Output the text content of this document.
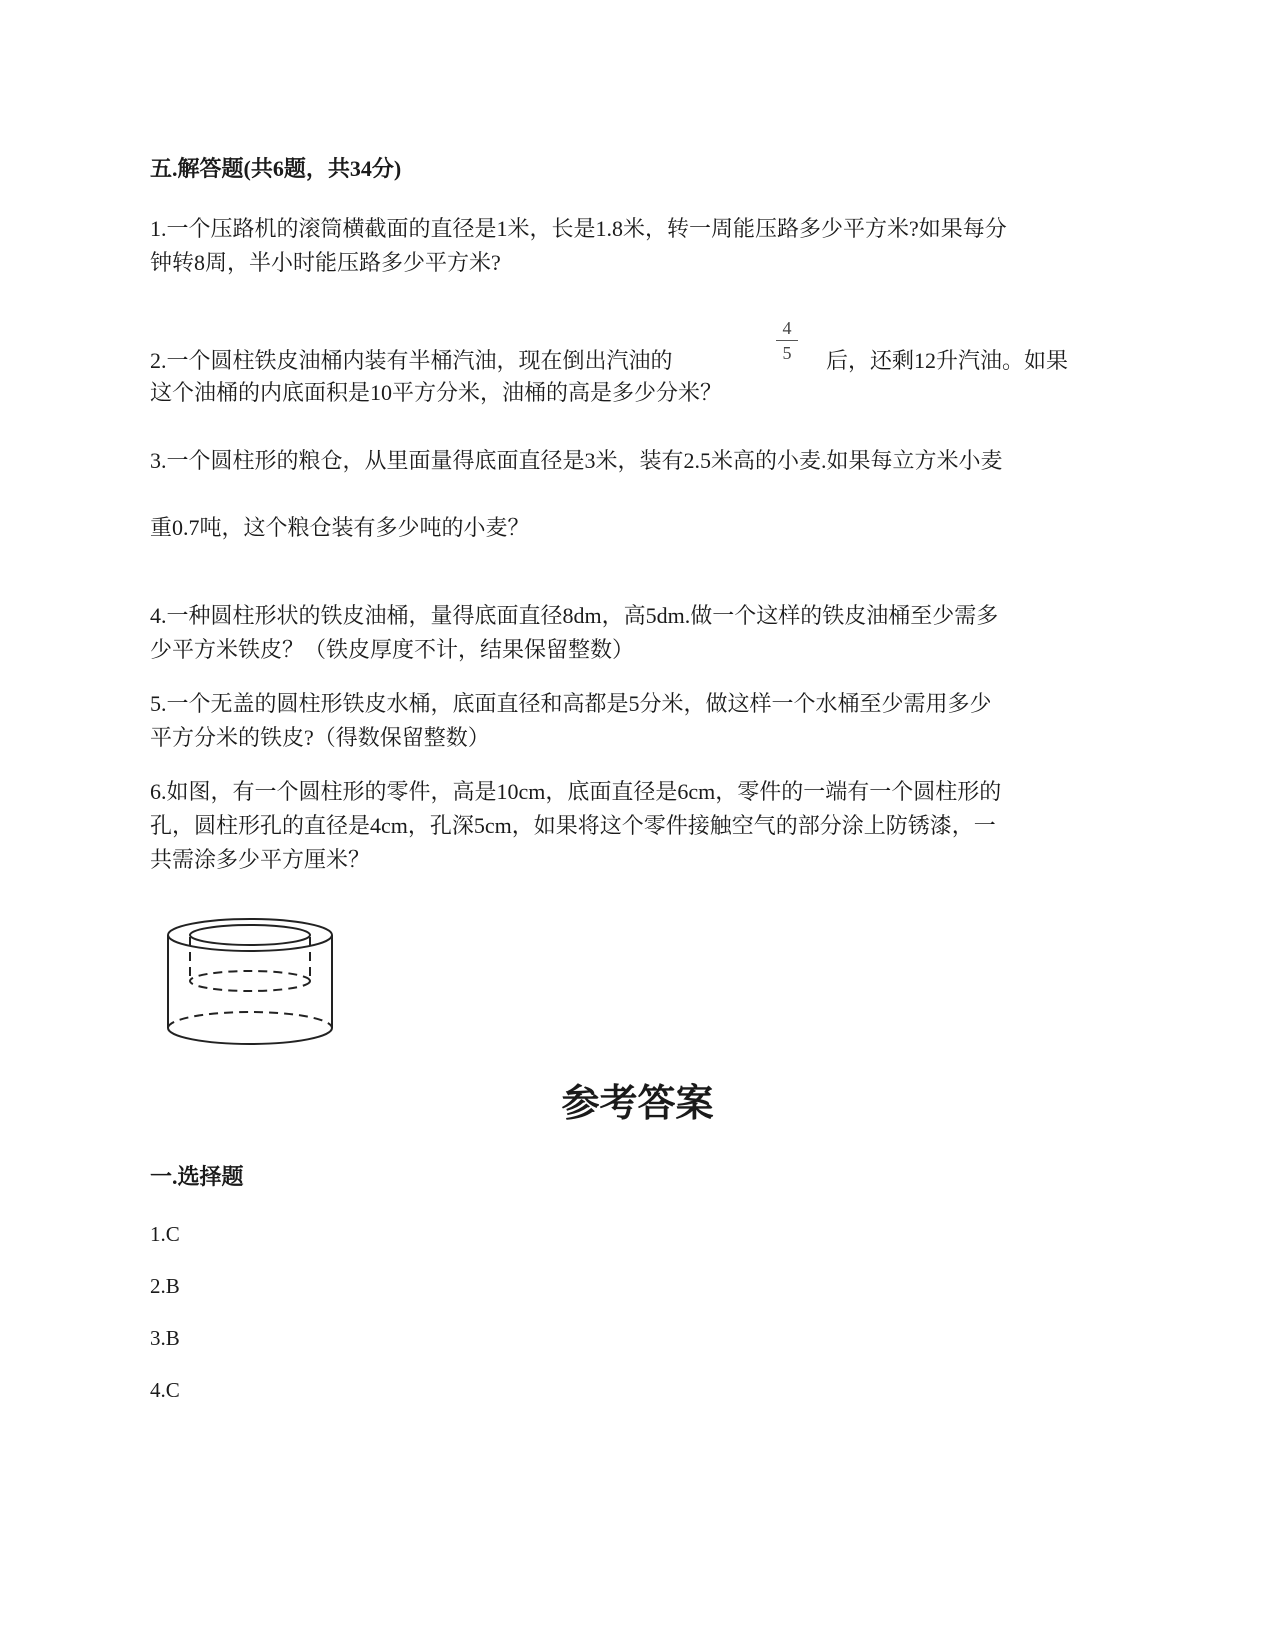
五.解答题(共6题，共34分)
1.一个压路机的滚筒横截面的直径是1米，长是1.8米，转一周能压路多少平方米?如果每分
钟转8周，半小时能压路多少平方米?
2.一个圆柱铁皮油桶内装有半桶汽油，现在倒出汽油的
4
5 后，还剩12升汽油。如果
这个油桶的内底面积是10平方分米，油桶的高是多少分米？
3.一个圆柱形的粮仓，从里面量得底面直径是3米，装有2.5米高的小麦.如果每立方米小麦
重0.7吨，这个粮仓装有多少吨的小麦？
4.一种圆柱形状的铁皮油桶，量得底面直径8dm，高5dm.做一个这样的铁皮油桶至少需多
少平方米铁皮？（铁皮厚度不计，结果保留整数）
5.一个无盖的圆柱形铁皮水桶，底面直径和高都是5分米，做这样一个水桶至少需用多少
平方分米的铁皮?（得数保留整数）
6.如图，有一个圆柱形的零件，高是10cm，底面直径是6cm，零件的一端有一个圆柱形的
孔，圆柱形孔的直径是4cm，孔深5cm，如果将这个零件接触空气的部分涂上防锈漆，一
共需涂多少平方厘米？
参考答案
一.选择题
1.C
2.B
3.B
4.C
